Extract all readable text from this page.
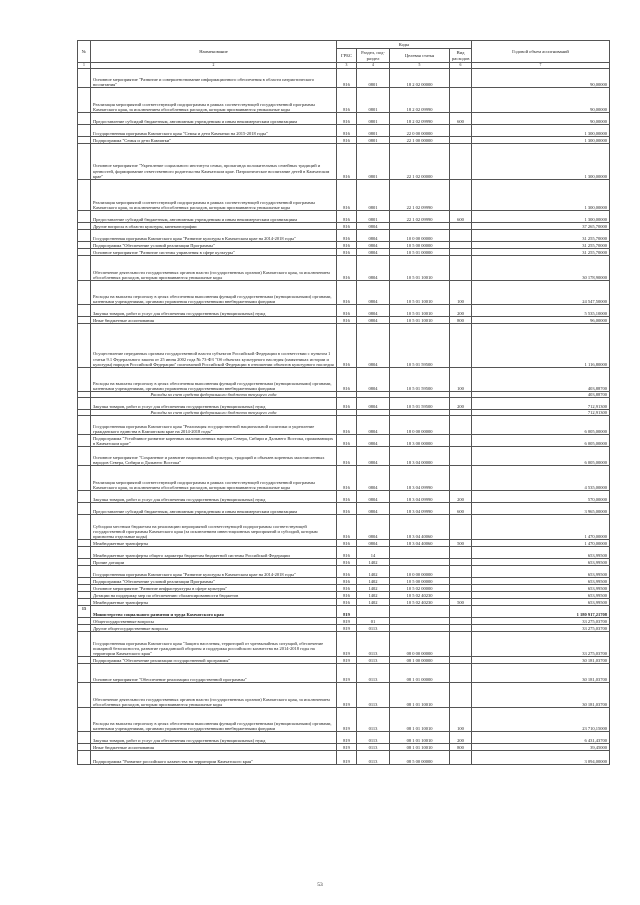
№	Наименование	Коды				Годовой объем ассигнований
		ГРБС	Раздел, под-раздел	Целевая статья	Вид расходов	
1	2	3	4	5	6	7
	Основное мероприятие "Развитие и совершенствование информационного обеспечения в области патриотического воспитания"	816	0801	18 2 02 00000		90,00000
	Реализация мероприятий соответствующей подпрограммы в рамках соответствующей государственной программы Камчатского края, за исключением обособленных расходов, которым присваиваются уникальные коды	816	0801	18 2 02 09990		90,00000
	Предоставление субсидий бюджетным, автономным учреждениям и иным некоммерческим организациям	816	0801	18 2 02 09990	600	90,00000
	Государственная программа Камчатского края "Семья и дети Камчатки на 2015-2018 годы"	816	0801	22 0 00 00000		1 300,00000
	Подпрограмма "Семья и дети Камчатки"	816	0801	22 1 00 00000		1 300,00000
	Основное мероприятие "Укрепление социального института семьи, пропаганда положительных семейных традиций и ценностей, формирование ответственного родительства Камчатском крае. Патриотическое воспитание детей в Камчатском крае"	816	0801	22 1 02 00000		1 300,00000
	Реализация мероприятий соответствующей подпрограммы в рамках соответствующей государственной программы Камчатского края, за исключением обособленных расходов, которым присваиваются уникальные коды	816	0801	22 1 02 09990		1 300,00000
	Предоставление субсидий бюджетным, автономным учреждениям и иным некоммерческим организациям	816	0801	22 1 02 09990	600	1 300,00000
	Другие вопросы в области культуры, кинематографии	816	0804			37 265,70000
	Государственная программа Камчатского края "Развитие культуры в Камчатском крае на 2014-2018 годы"	816	0804	10 0 00 00000		31 255,70000
	Подпрограмма "Обеспечение условий реализации Программы"	816	0804	10 5 00 00000		31 255,70000
	Основное мероприятие "Развитие системы управления в сфере культуры"	816	0804	10 5 01 00000		31 255,70000
	Обеспечение деятельности государственных органов власти (государственных органов) Камчатского края, за исключением обособленных расходов, которым присваиваются уникальные коды	816	0804	10 5 01 10010		30 178,90000
	Расходы на выплаты персоналу в целях обеспечения выполнения функций государственными (муниципальными) органами, казенными учреждениями, органами управления государственными внебюджетными фондами	816	0804	10 5 01 10010	100	24 547,50000
	Закупка товаров, работ и услуг для обеспечения государственных (муниципальных) нужд	816	0804	10 5 01 10010	200	5 535,10000
	Иные бюджетные ассигнования	816	0804	10 5 01 10010	800	96,00000
	Осуществление переданных органам государственной власти субъектов Российской Федерации в соответствии с пунктом 1 статьи 9.1 Федерального закона от 25 июня 2002 года № 73-ФЗ "Об объектах культурного наследия (памятниках истории и культуры) народов Российской Федерации" полномочий Российской Федерации в отношении объектов культурного наследия	816	0804	10 5 01 59500		1 116,80000
	Расходы на выплаты персоналу в целях обеспечения выполнения функций государственными (муниципальными) органами, казенными учреждениями, органами управления государственными внебюджетными фондами	816	0804	10 5 01 59500	100	403,88700
	Расходы за счет средств федерального бюджета текущего года					403,88700
	Закупка товаров, работ и услуг для обеспечения государственных (муниципальных) нужд	816	0804	10 5 01 59500	200	712,91300
	Расходы за счет средств федерального бюджета текущего года					712,91300
	Государственная программа Камчатского края "Реализация государственной национальной политики и укрепление гражданского единства в Камчатском крае на 2014-2018 годы"	816	0804	18 0 00 00000		6 005,00000
	Подпрограмма "Устойчивое развитие коренных малочисленных народов Севера, Сибири и Дальнего Востока, проживающих в Камчатском крае"	816	0804	18 3 00 00000		6 005,00000
	Основное мероприятие "Сохранение и развитие национальной культуры, традиций и обычаев коренных малочисленных народов Севера, Сибири и Дальнего Востока"	816	0804	18 3 04 00000		6 005,00000
	Реализация мероприятий соответствующей подпрограммы в рамках соответствующей государственной программы Камчатского края, за исключением обособленных расходов, которым присваиваются уникальные коды	816	0804	18 3 04 09990		4 535,00000
	Закупка товаров, работ и услуг для обеспечения государственных (муниципальных) нужд	816	0804	18 3 04 09990	200	570,00000
	Предоставление субсидий бюджетным, автономным учреждениям и иным некоммерческим организациям	816	0804	18 3 04 09990	600	3 965,00000
	Субсидии местным бюджетам на реализацию мероприятий соответствующей подпрограммы соответствующей государственной программы Камчатского края (за исключением инвестиционных мероприятий и субсидий, которым присвоены отдельные коды)	816	0804	18 3 04 40060		1 470,00000
	Межбюджетные трансферты	816	0804	18 3 04 40060	500	1 470,00000
	Межбюджетные трансферты общего характера бюджетам бюджетной системы Российской Федерации	816	14			653,99500
	Прочие дотации	816	1402			653,99500
	Государственная программа Камчатского края "Развитие культуры в Камчатском крае на 2014-2018 годы"	816	1402	10 0 00 00000		653,99500
	Подпрограмма "Обеспечение условий реализации Программы"	816	1402	10 5 00 00000		653,99500
	Основное мероприятие "Развитие инфраструктуры в сфере культуры"	816	1402	10 5 02 00000		653,99500
	Дотации на поддержку мер по обеспечению сбалансированности бюджетов	816	1402	10 5 02 40230		653,99500
	Межбюджетные трансферты	816	1402	10 5 02 40230	500	653,99500
15	Министерство социального развития и труда Камчатского края	819				1 180 917,21708
	Общегосударственные вопросы	819	01			33 275,03700
	Другие общегосударственные вопросы	819	0113			33 275,03700
	Государственная программа Камчатского края "Защита населения, территорий от чрезвычайных ситуаций, обеспечение пожарной безопасности, развитие гражданской обороны и поддержка российского казачества на 2014-2018 годы на территории Камчатского края"	819	0113	08 0 00 00000		33 275,03700
	Подпрограмма "Обеспечение реализации государственной программы"	819	0113	08 1 00 00000		30 181,03700
	Основное мероприятие "Обеспечение реализации государственной программы"	819	0113	08 1 01 00000		30 181,03700
	Обеспечение деятельности государственных органов власти (государственных органов) Камчатского края, за исключением обособленных расходов, которым присваиваются уникальные коды	819	0113	08 1 01 10010		30 181,03700
	Расходы на выплаты персоналу в целях обеспечения выполнения функций государственными (муниципальными) органами, казенными учреждениями, органами управления государственными внебюджетными фондами	819	0113	08 1 01 10010	100	23 710,15000
	Закупка товаров, работ и услуг для обеспечения государственных (муниципальных) нужд	819	0113	08 1 01 10010	200	6 431,43700
	Иные бюджетные ассигнования	819	0113	08 1 01 10010	800	39,45000
	Подпрограмма "Развитие российского казачества на территории Камчатского края"	819	0113	08 5 00 00000		3 094,00000
53
